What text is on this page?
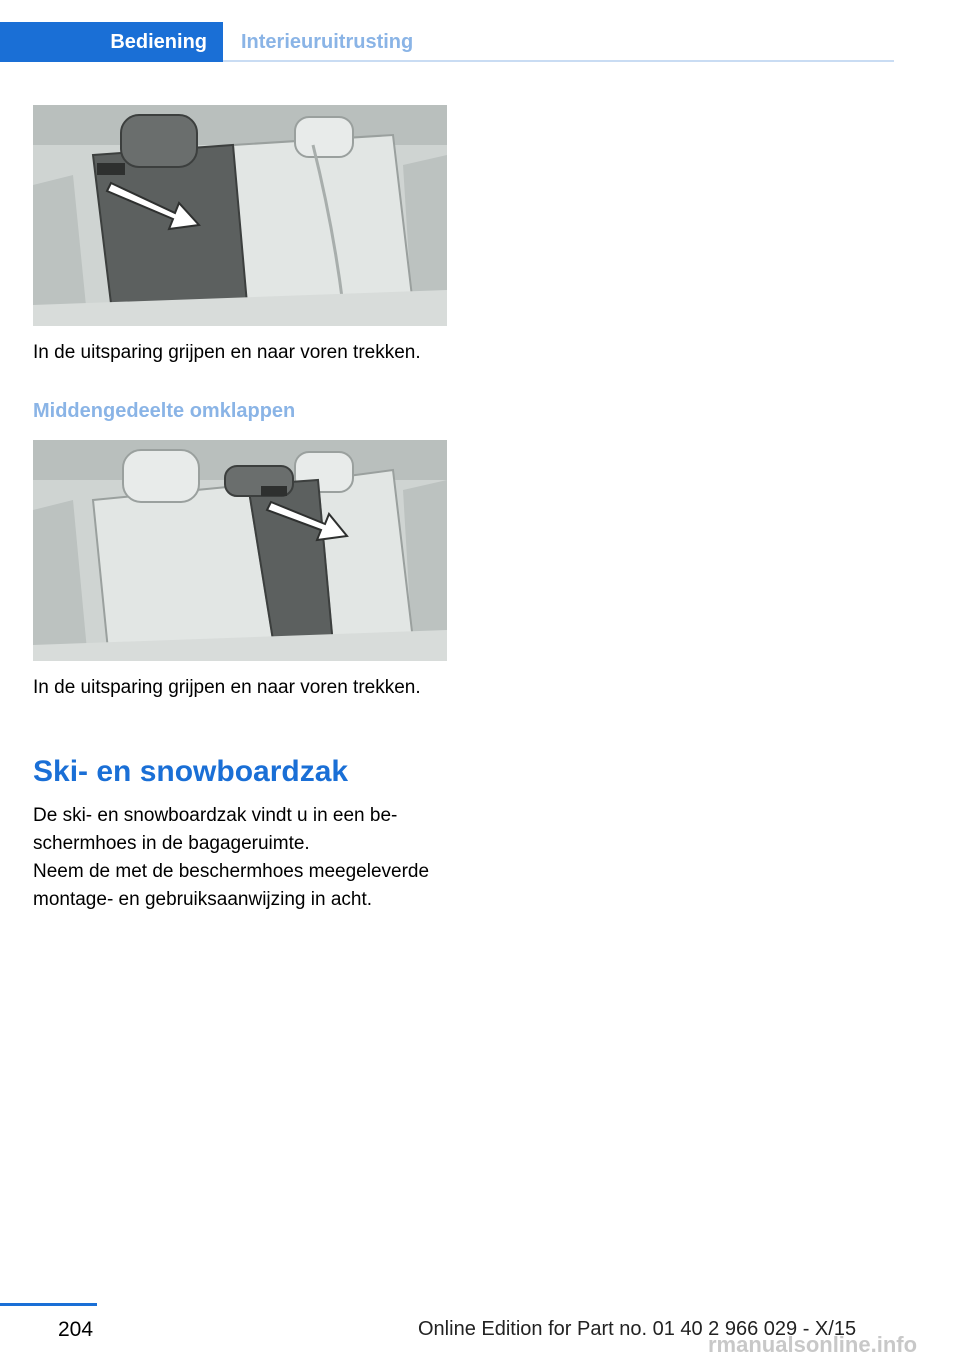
Bediening	Interieuruitrusting
In de uitsparing grijpen en naar voren trekken.
Middengedeelte omklappen
In de uitsparing grijpen en naar voren trekken.
Ski- en snowboardzak
De ski- en snowboardzak vindt u in een beschermhoes in de bagageruimte.
Neem de met de beschermhoes meegeleverde montage- en gebruiksaanwijzing in acht.
204	Online Edition for Part no. 01 40 2 966 029 - X/15
rmanualsonline.info
